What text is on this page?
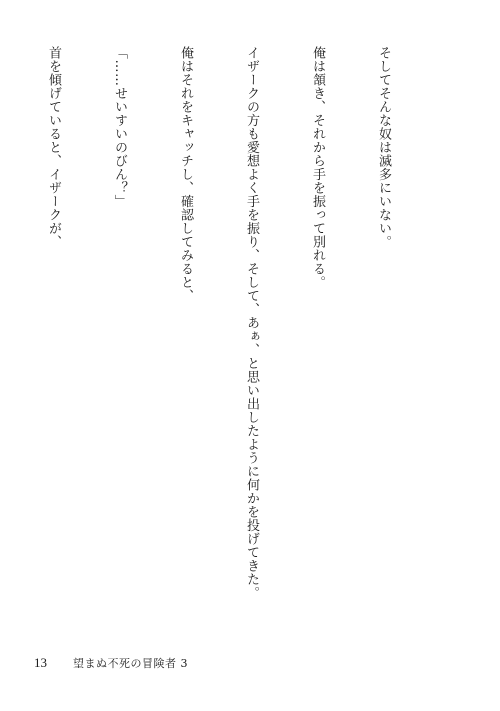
そしてそんな奴は滅多にいない。

俺は頷き、それから手を振って別れる。

イザークの方も愛想よく手を振り、そして、あぁ、と思い出したように何かを投げてきた。

俺はそれをキャッチし、確認してみると、

「……せいすいのびん？」

首を傾げていると、イザークが、

13 望まぬ不死の冒険者 3
